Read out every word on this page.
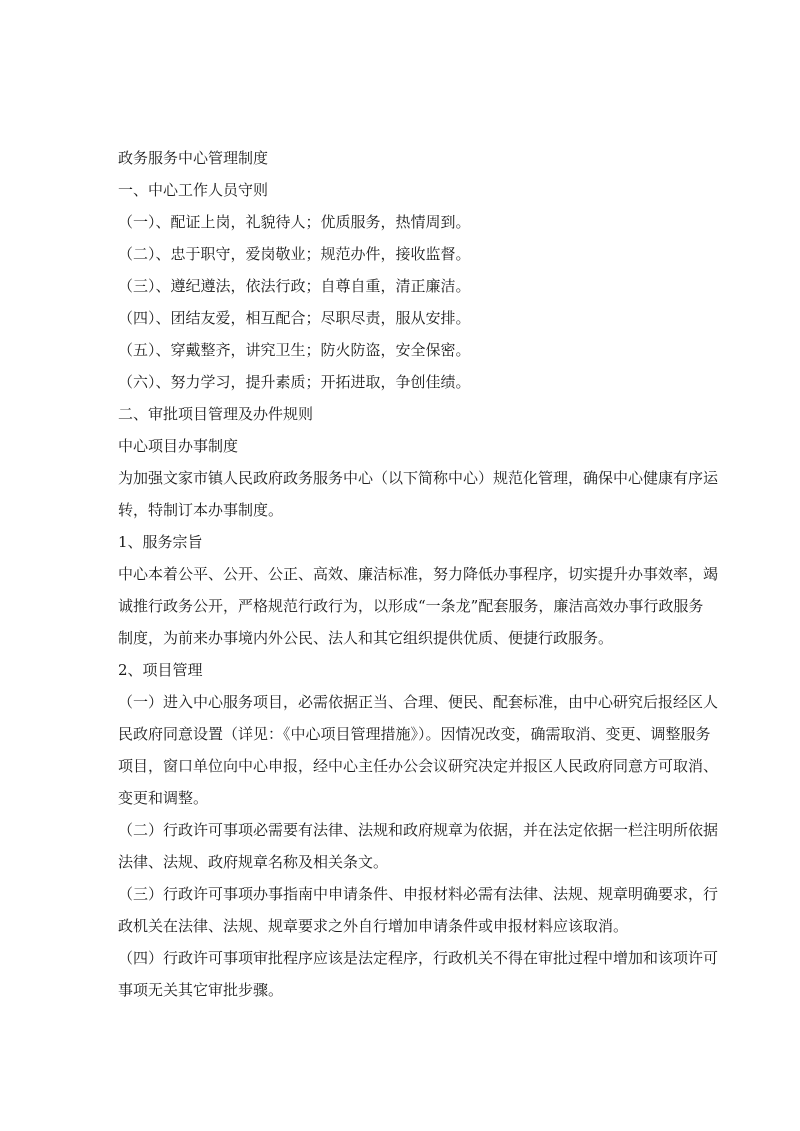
政务服务中心管理制度

一、中心工作人员守则

（一）、配证上岗，礼貌待人；优质服务，热情周到。

（二）、忠于职守，爱岗敬业；规范办件，接收监督。

（三）、遵纪遵法，依法行政；自尊自重，清正廉洁。

（四）、团结友爱，相互配合；尽职尽责，服从安排。

（五）、穿戴整齐，讲究卫生；防火防盗，安全保密。

（六）、努力学习，提升素质；开拓进取，争创佳绩。

二、审批项目管理及办件规则

中心项目办事制度

为加强文家市镇人民政府政务服务中心（以下简称中心）规范化管理，确保中心健康有序运

转，特制订本办事制度。

1、服务宗旨

中心本着公平、公开、公正、高效、廉洁标准，努力降低办事程序，切实提升办事效率，竭

诚推行政务公开，严格规范行政行为，以形成“一条龙”配套服务，廉洁高效办事行政服务

制度，为前来办事境内外公民、法人和其它组织提供优质、便捷行政服务。

2、项目管理

（一）进入中心服务项目，必需依据正当、合理、便民、配套标准，由中心研究后报经区人

民政府同意设置（详见：《中心项目管理措施》）。因情况改变，确需取消、变更、调整服务

项目，窗口单位向中心申报，经中心主任办公会议研究决定并报区人民政府同意方可取消、

变更和调整。

（二）行政许可事项必需要有法律、法规和政府规章为依据，并在法定依据一栏注明所依据

法律、法规、政府规章名称及相关条文。

（三）行政许可事项办事指南中申请条件、申报材料必需有法律、法规、规章明确要求，行

政机关在法律、法规、规章要求之外自行增加申请条件或申报材料应该取消。

（四）行政许可事项审批程序应该是法定程序，行政机关不得在审批过程中增加和该项许可

事项无关其它审批步骤。
